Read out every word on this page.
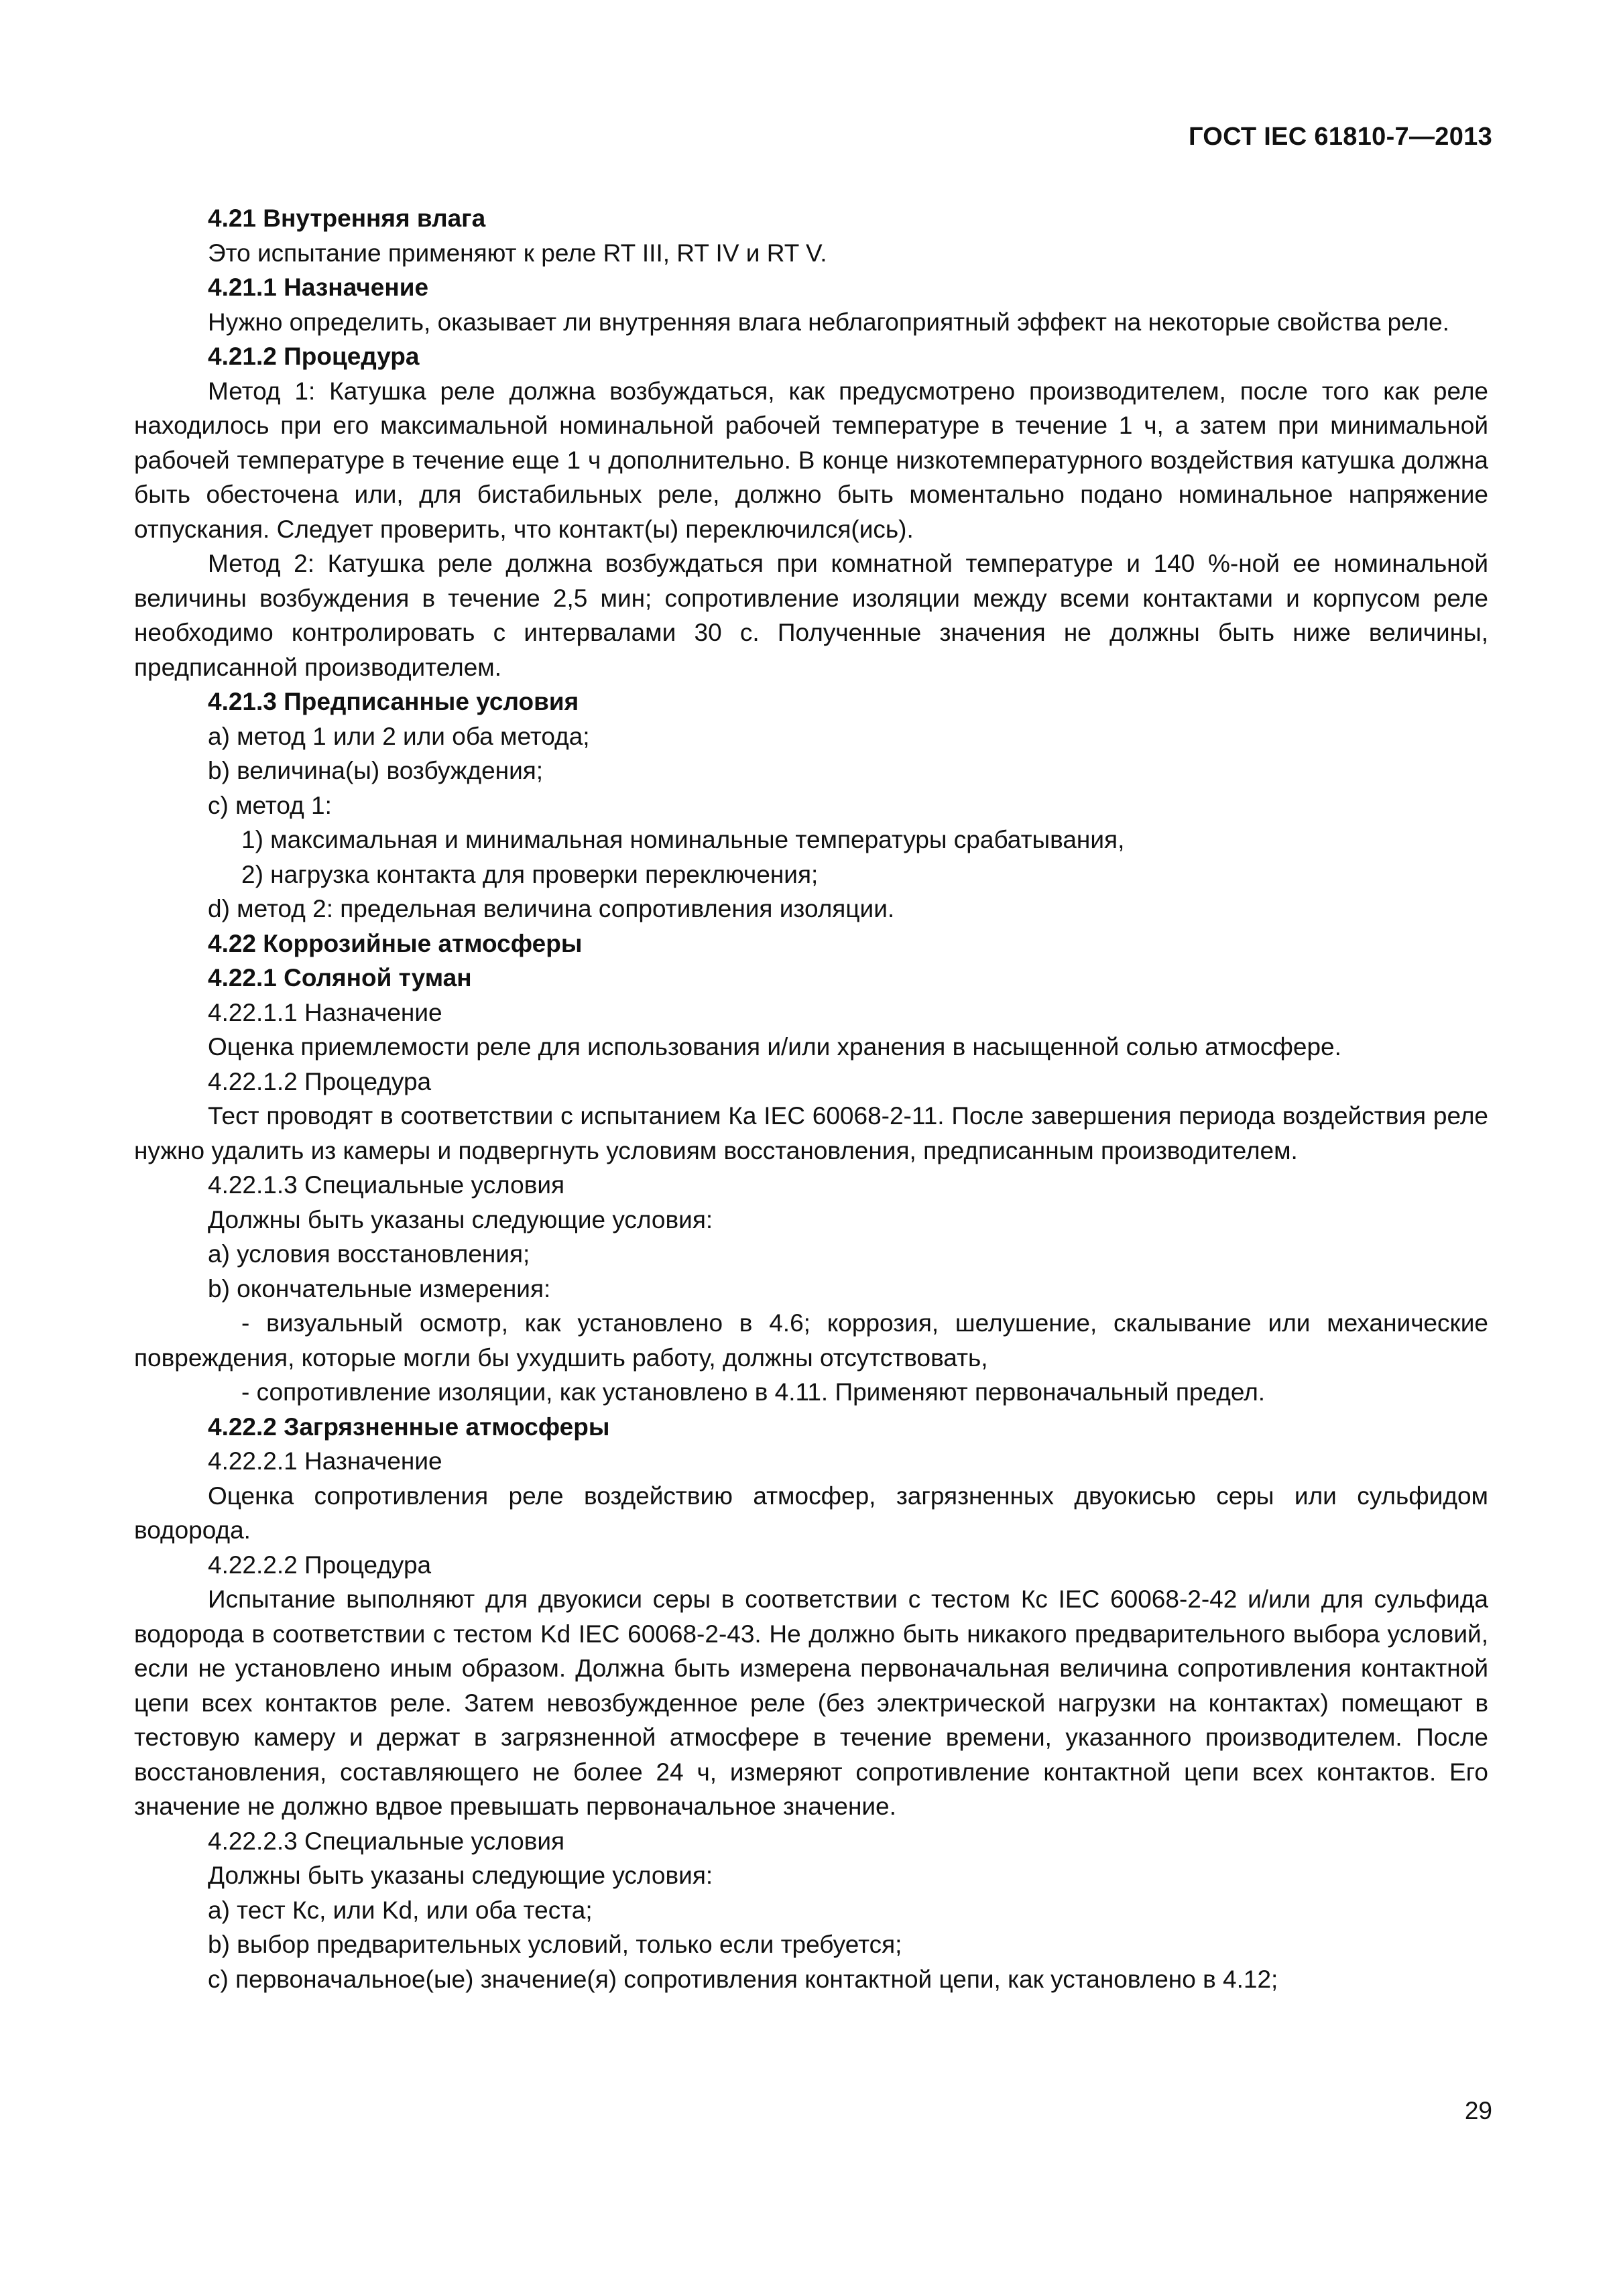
ГОСТ IEC 61810-7—2013

4.21 Внутренняя влага

Это испытание применяют к реле RT III, RT IV и RT V.

4.21.1 Назначение

Нужно определить, оказывает ли внутренняя влага неблагоприятный эффект на некоторые свойства реле.

4.21.2 Процедура

Метод 1: Катушка реле должна возбуждаться, как предусмотрено производителем, после того как реле находилось при его максимальной номинальной рабочей температуре в течение 1 ч, а затем при минимальной рабочей температуре в течение еще 1 ч дополнительно. В конце низкотемпературного воздействия катушка должна быть обесточена или, для бистабильных реле, должно быть моментально подано номинальное напряжение отпускания. Следует проверить, что контакт(ы) переключился(ись).

Метод 2: Катушка реле должна возбуждаться при комнатной температуре и 140 %-ной ее номинальной величины возбуждения в течение 2,5 мин; сопротивление изоляции между всеми контактами и корпусом реле необходимо контролировать с интервалами 30 с. Полученные значения не должны быть ниже величины, предписанной производителем.

4.21.3 Предписанные условия

a) метод 1 или 2 или оба метода;

b) величина(ы) возбуждения;

c) метод 1:

1) максимальная и минимальная номинальные температуры срабатывания,

2) нагрузка контакта для проверки переключения;

d) метод 2: предельная величина сопротивления изоляции.

4.22 Коррозийные атмосферы

4.22.1 Соляной туман

4.22.1.1 Назначение

Оценка приемлемости реле для использования и/или хранения в насыщенной солью атмосфере.

4.22.1.2 Процедура

Тест проводят в соответствии с испытанием Ка IEC 60068-2-11. После завершения периода воздействия реле нужно удалить из камеры и подвергнуть условиям восстановления, предписанным производителем.

4.22.1.3 Специальные условия

Должны быть указаны следующие условия:

a) условия восстановления;

b) окончательные измерения:

- визуальный осмотр, как установлено в 4.6; коррозия, шелушение, скалывание или механические повреждения, которые могли бы ухудшить работу, должны отсутствовать,

- сопротивление изоляции, как установлено в 4.11. Применяют первоначальный предел.

4.22.2 Загрязненные атмосферы

4.22.2.1 Назначение

Оценка сопротивления реле воздействию атмосфер, загрязненных двуокисью серы или сульфидом водорода.

4.22.2.2 Процедура

Испытание выполняют для двуокиси серы в соответствии с тестом Кс IEC 60068-2-42 и/или для сульфида водорода в соответствии с тестом Kd IEC 60068-2-43. Не должно быть никакого предварительного выбора условий, если не установлено иным образом. Должна быть измерена первоначальная величина сопротивления контактной цепи всех контактов реле. Затем невозбужденное реле (без электрической нагрузки на контактах) помещают в тестовую камеру и держат в загрязненной атмосфере в течение времени, указанного производителем. После восстановления, составляющего не более 24 ч, измеряют сопротивление контактной цепи всех контактов. Его значение не должно вдвое превышать первоначальное значение.

4.22.2.3 Специальные условия

Должны быть указаны следующие условия:

a) тест Кс, или Kd, или оба теста;

b) выбор предварительных условий, только если требуется;

c) первоначальное(ые) значение(я) сопротивления контактной цепи, как установлено в 4.12;

29
